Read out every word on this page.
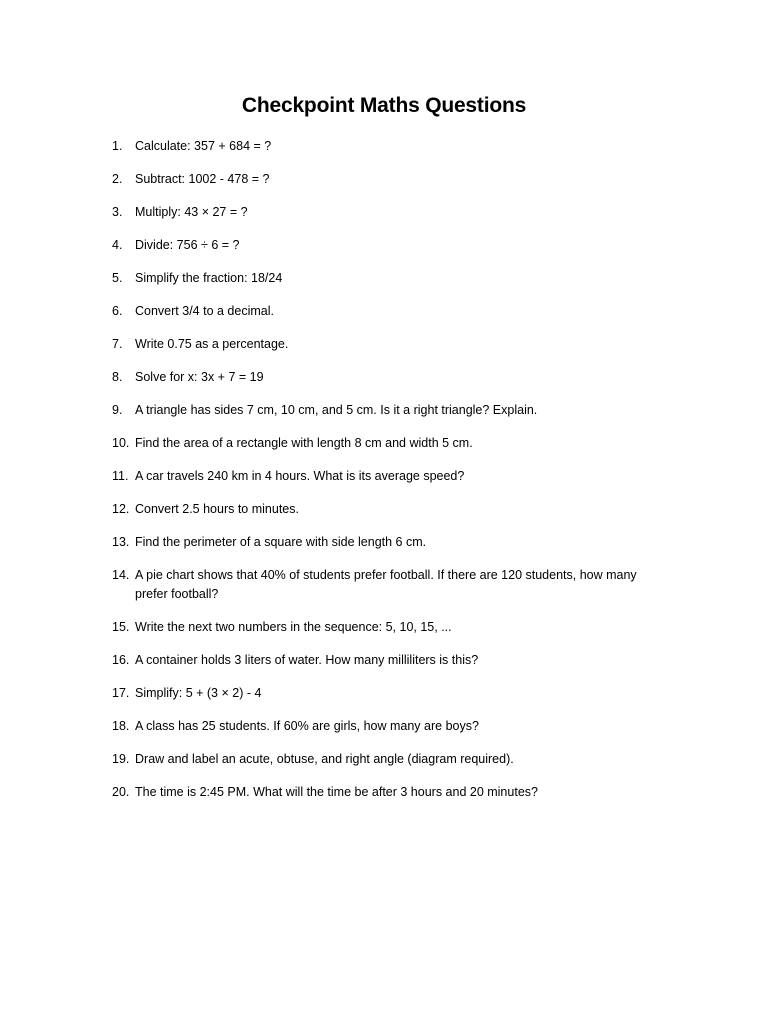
Checkpoint Maths Questions
1.	Calculate: 357 + 684 = ?
2.	Subtract: 1002 - 478 = ?
3.	Multiply: 43 × 27 = ?
4.	Divide: 756 ÷ 6 = ?
5.	Simplify the fraction: 18/24
6.	Convert 3/4 to a decimal.
7.	Write 0.75 as a percentage.
8.	Solve for x: 3x + 7 = 19
9.	A triangle has sides 7 cm, 10 cm, and 5 cm. Is it a right triangle? Explain.
10. Find the area of a rectangle with length 8 cm and width 5 cm.
11. A car travels 240 km in 4 hours. What is its average speed?
12. Convert 2.5 hours to minutes.
13. Find the perimeter of a square with side length 6 cm.
14. A pie chart shows that 40% of students prefer football. If there are 120 students, how many prefer football?
15. Write the next two numbers in the sequence: 5, 10, 15, ...
16. A container holds 3 liters of water. How many milliliters is this?
17. Simplify: 5 + (3 × 2) - 4
18. A class has 25 students. If 60% are girls, how many are boys?
19. Draw and label an acute, obtuse, and right angle (diagram required).
20. The time is 2:45 PM. What will the time be after 3 hours and 20 minutes?
